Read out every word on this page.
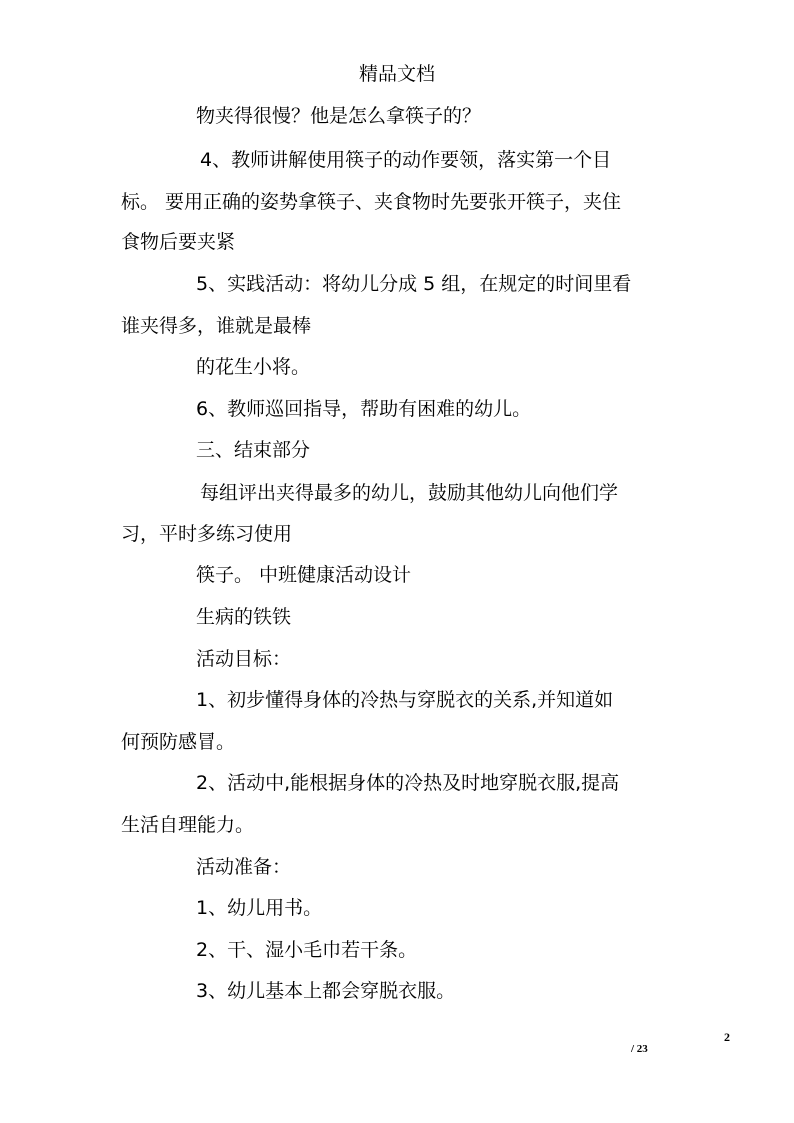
精品文档
物夹得很慢？他是怎么拿筷子的？
4、教师讲解使用筷子的动作要领，落实第一个目
标。 要用正确的姿势拿筷子、夹食物时先要张开筷子，夹住
食物后要夹紧
5、实践活动：将幼儿分成 5 组，在规定的时间里看
谁夹得多，谁就是最棒
的花生小将。
6、教师巡回指导，帮助有困难的幼儿。
三、结束部分
每组评出夹得最多的幼儿，鼓励其他幼儿向他们学
习，平时多练习使用
筷子。 中班健康活动设计
生病的铁铁
活动目标：
1、初步懂得身体的冷热与穿脱衣的关系,并知道如
何预防感冒。
2、活动中,能根据身体的冷热及时地穿脱衣服,提高
生活自理能力。
活动准备：
1、幼儿用书。
2、干、湿小毛巾若干条。
3、幼儿基本上都会穿脱衣服。
2
/ 23
